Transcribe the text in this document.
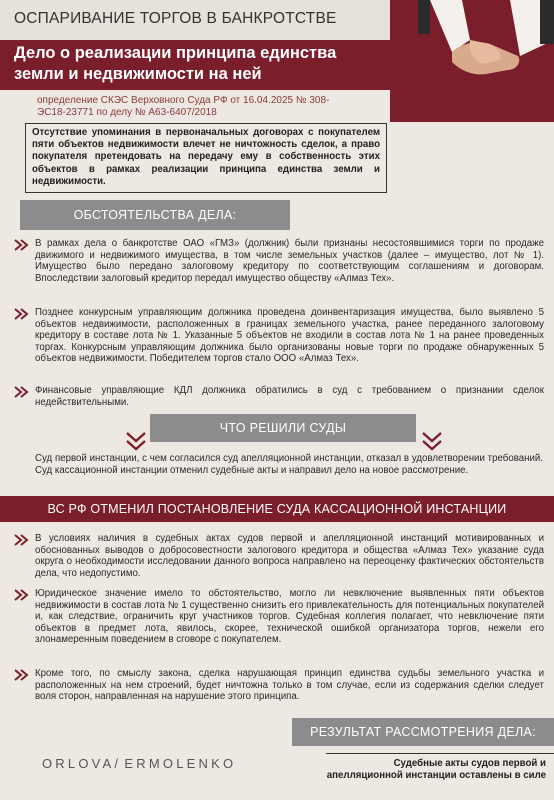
ОСПАРИВАНИЕ ТОРГОВ В БАНКРОТСТВЕ
Дело о реализации принципа единства земли и недвижимости на ней
определение СКЭС Верховного Суда РФ от 16.04.2025 № 308-ЭС18-23771 по делу № А63-6407/2018
Отсутствие упоминания в первоначальных договорах с покупателем пяти объектов недвижимости влечет не ничтожность сделок, а право покупателя претендовать на передачу ему в собственность этих объектов в рамках реализации принципа единства земли и недвижимости.
ОБСТОЯТЕЛЬСТВА ДЕЛА:
В рамках дела о банкротстве ОАО «ГМЗ» (должник) были признаны несостоявшимися торги по продаже движимого и недвижимого имущества, в том числе земельных участков (далее – имущество, лот № 1). Имущество было передано залоговому кредитору по соответствующим соглашениям и договорам. Впоследствии залоговый кредитор передал имущество обществу «Алмаз Тех».
Позднее конкурсным управляющим должника проведена доинвентаризация имущества, было выявлено 5 объектов недвижимости, расположенных в границах земельного участка, ранее переданного залоговому кредитору в составе лота № 1. Указанные 5 объектов не входили в состав лота № 1 на ранее проведенных торгах. Конкурсным управляющим должника было организованы новые торги по продаже обнаруженных 5 объектов недвижимости. Победителем торгов стало ООО «Алмаз Тех».
Финансовые управляющие КДЛ должника обратились в суд с требованием о признании сделок недействительными.
ЧТО РЕШИЛИ СУДЫ
Суд первой инстанции, с чем согласился суд апелляционной инстанции, отказал в удовлетворении требований. Суд кассационной инстанции отменил судебные акты и направил дело на новое рассмотрение.
ВС РФ ОТМЕНИЛ ПОСТАНОВЛЕНИЕ СУДА КАССАЦИОННОЙ ИНСТАНЦИИ
В условиях наличия в судебных актах судов первой и апелляционной инстанций мотивированных и обоснованных выводов о добросовестности залогового кредитора и общества «Алмаз Тех» указание суда округа о необходимости исследовании данного вопроса направлено на переоценку фактических обстоятельств дела, что недопустимо.
Юридическое значение имело то обстоятельство, могло ли невключение выявленных пяти объектов недвижимости в состав лота № 1 существенно снизить его привлекательность для потенциальных покупателей и, как следствие, ограничить круг участников торгов. Судебная коллегия полагает, что невключение пяти объектов в предмет лота, явилось, скорее, технической ошибкой организатора торгов, нежели его злонамеренным поведением в сговоре с покупателем.
Кроме того, по смыслу закона, сделка нарушающая принцип единства судьбы земельного участка и расположенных на нем строений, будет ничтожна только в том случае, если из содержания сделки следует воля сторон, направленная на нарушение этого принципа.
РЕЗУЛЬТАТ РАССМОТРЕНИЯ ДЕЛА:
ORLOVA/ ERMOLENKO	Судебные акты судов первой и апелляционной инстанции оставлены в силе
